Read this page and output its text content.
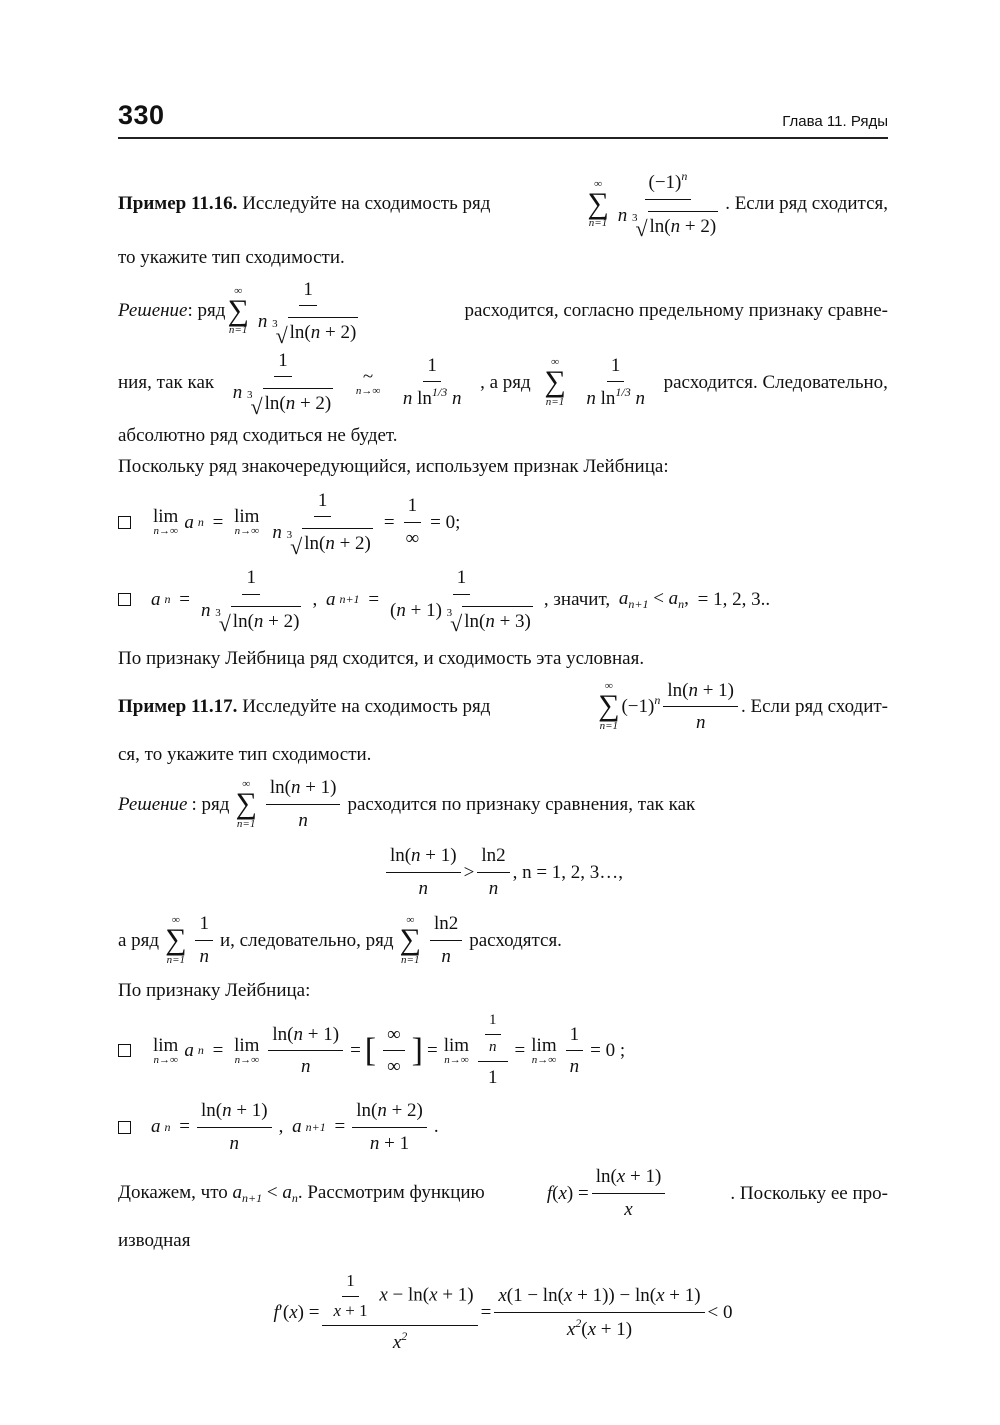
330	Глава 11. Ряды
Пример 11.16. Исследуйте на сходимость ряд
∞
∑
n=1 $(-1)^n$
n 3
√ ln(n + 2) . Если ряд сходится,
то укажите тип сходимости.
Решение : ряд
∞
∑
n=1 1
n 3
√ ln(n + 2)	расходится, согласно предельному признаку сравне-
ния, так как 1
n 3
√ ln(n + 2) ~
$n\to\infty \frac{1}{n \ln^{1/3} n}$ , а ряд
∞
∑
$n=1 \frac{1}{n \ln^{1/3} n}$ расходится. Следовательно,
абсолютно ряд сходиться не будет.
Поскольку ряд знакочередующийся, используем признак Лейбница:
lim
n→∞ a n = lim
n→∞ 1
n 3
√ $\ln(n + 2) = \frac{1}{\infty} = 0$;
a n = 1
n 3
√ ln(n + 2) , a n+1 = 1
(n + 1) 3
√ ln(n + 3) , значит, $a_{n+1} < a_n$, = 1, 2, 3..
По признаку Лейбница ряд сходится, и сходимость эта условная.
Пример 11.17. Исследуйте на сходимость ряд
∞
∑
n=1
$(-1)^n \frac{\ln(n + 1)}{n}$ . Если ряд сходит-
ся, то укажите тип сходимости.
Решение : ряд
∞
∑
$n=1 \frac{\ln(n + 1)}{n}$ расходится по признаку сравнения, так как
$\frac{\ln(n + 1)}{n} > \frac{\ln 2}{n}$ , n = 1, 2, 3…,
а ряд
∞
∑
$n=1 \frac{1}{n} и$, следовательно, ряд
∞
∑
$n=1 \frac{\ln 2}{n}$ расходятся.
По признаку Лейбница:
lim
n→∞ a n = lim
$n\to\infty \frac{\ln(n + 1)}{n}$ = [ $\frac{\infty}{\infty}$ ] = lim
$n\to\infty \frac{\frac{1}{n}}{1} = \lim$
$n\to\infty \frac{1}{n} = 0$ ;
a $n = \frac{\ln(n + 1)}{n}$ , a $n+1 = \frac{\ln(n + 2)}{n + 1}$ .
Докажем, что $a_{n+1} < a_n$. Рассмотрим функцию	f ( x ) = $\frac{\ln(x + 1)}{x}$	. Поскольку ее про-
изводная
f ′( x ) = $\frac{\frac{1}{x + 1} x - \ln(x + 1)}{x^2} = \frac{x(1 - \ln(x + 1)) - \ln(x + 1)}{x^2(x + 1)} < 0$
